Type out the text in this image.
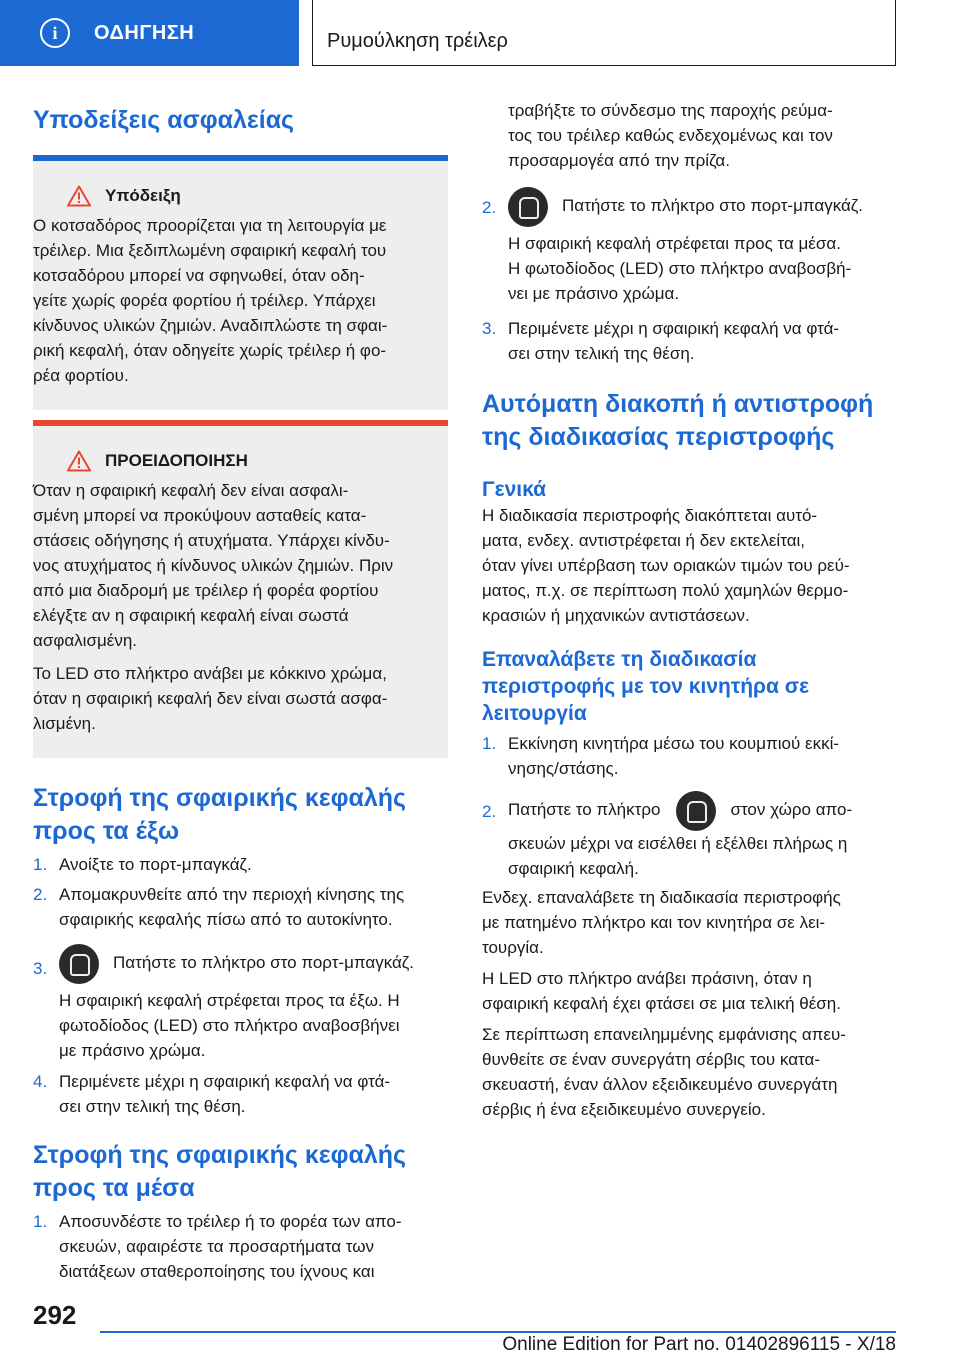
i	ΟΔΗΓΗΣΗ	Ρυμούλκηση τρέιλερ
Υποδείξεις ασφαλείας
Υπόδειξη

Ο κοτσαδόρος προορίζεται για τη λειτουργία με

τρέιλερ. Μια ξεδιπλωμένη σφαιρική κεφαλή του

κοτσαδόρου μπορεί να σφηνωθεί, όταν οδη‐

γείτε χωρίς φορέα φορτίου ή τρέιλερ. Υπάρχει

κίνδυνος υλικών ζημιών. Αναδιπλώστε τη σφαι‐

ρική κεφαλή, όταν οδηγείτε χωρίς τρέιλερ ή φο‐

ρέα φορτίου.

ΠΡΟΕΙΔΟΠΟΙΗΣΗ

Όταν η σφαιρική κεφαλή δεν είναι ασφαλι‐

σμένη μπορεί να προκύψουν ασταθείς κατα‐

στάσεις οδήγησης ή ατυχήματα. Υπάρχει κίνδυ‐

νος ατυχήματος ή κίνδυνος υλικών ζημιών. Πριν

από μια διαδρομή με τρέιλερ ή φορέα φορτίου

ελέγξτε αν η σφαιρική κεφαλή είναι σωστά

ασφαλισμένη.

Το LED στο πλήκτρο ανάβει με κόκκινο χρώμα,

όταν η σφαιρική κεφαλή δεν είναι σωστά ασφα‐

λισμένη.

Στροφή της σφαιρικής κεφαλής
προς τα έξω
1. Ανοίξτε το πορτ-μπαγκάζ.
2. Απομακρυνθείτε από την περιοχή κίνησης της
σφαιρικής κεφαλής πίσω από το αυτοκίνητο.
3.	Πατήστε το πλήκτρο στο πορτ-μπαγκάζ.
Η σφαιρική κεφαλή στρέφεται προς τα έξω. Η
φωτοδίοδος (LED) στο πλήκτρο αναβοσβήνει
με πράσινο χρώμα.
4. Περιμένετε μέχρι η σφαιρική κεφαλή να φτά‐
σει στην τελική της θέση.
Στροφή της σφαιρικής κεφαλής
προς τα μέσα
1. Αποσυνδέστε το τρέιλερ ή το φορέα των απο‐
σκευών, αφαιρέστε τα προσαρτήματα των
διατάξεων σταθεροποίησης του ίχνους και

τραβήξτε το σύνδεσμο της παροχής ρεύμα‐

τος του τρέιλερ καθώς ενδεχομένως και τον

προσαρμογέα από την πρίζα.

2.	Πατήστε το πλήκτρο στο πορτ-μπαγκάζ.
Η σφαιρική κεφαλή στρέφεται προς τα μέσα.
Η φωτοδίοδος (LED) στο πλήκτρο αναβοσβή‐
νει με πράσινο χρώμα.
3. Περιμένετε μέχρι η σφαιρική κεφαλή να φτά‐
σει στην τελική της θέση.
Αυτόματη διακοπή ή αντιστροφή
της διαδικασίας περιστροφής
Γενικά

Η διαδικασία περιστροφής διακόπτεται αυτό‐

ματα, ενδεχ. αντιστρέφεται ή δεν εκτελείται,

όταν γίνει υπέρβαση των οριακών τιμών του ρεύ‐

ματος, π.χ. σε περίπτωση πολύ χαμηλών θερμο‐

κρασιών ή μηχανικών αντιστάσεων.

Επαναλάβετε τη διαδικασία
περιστροφής με τον κινητήρα σε
λειτουργία
1. Εκκίνηση κινητήρα μέσω του κουμπιού εκκί‐
νησης/στάσης.
2. Πατήστε το πλήκτρο	στον χώρο απο‐
σκευών μέχρι να εισέλθει ή εξέλθει πλήρως η
σφαιρική κεφαλή.

Ενδεχ. επαναλάβετε τη διαδικασία περιστροφής

με πατημένο πλήκτρο και τον κινητήρα σε λει‐

τουργία.

Η LED στο πλήκτρο ανάβει πράσινη, όταν η

σφαιρική κεφαλή έχει φτάσει σε μια τελική θέση.

Σε περίπτωση επανειλημμένης εμφάνισης απευ‐

θυνθείτε σε έναν συνεργάτη σέρβις του κατα‐

σκευαστή, έναν άλλον εξειδικευμένο συνεργάτη

σέρβις ή ένα εξειδικευμένο συνεργείο.

292
Online Edition for Part no. 01402896115 - X/18
